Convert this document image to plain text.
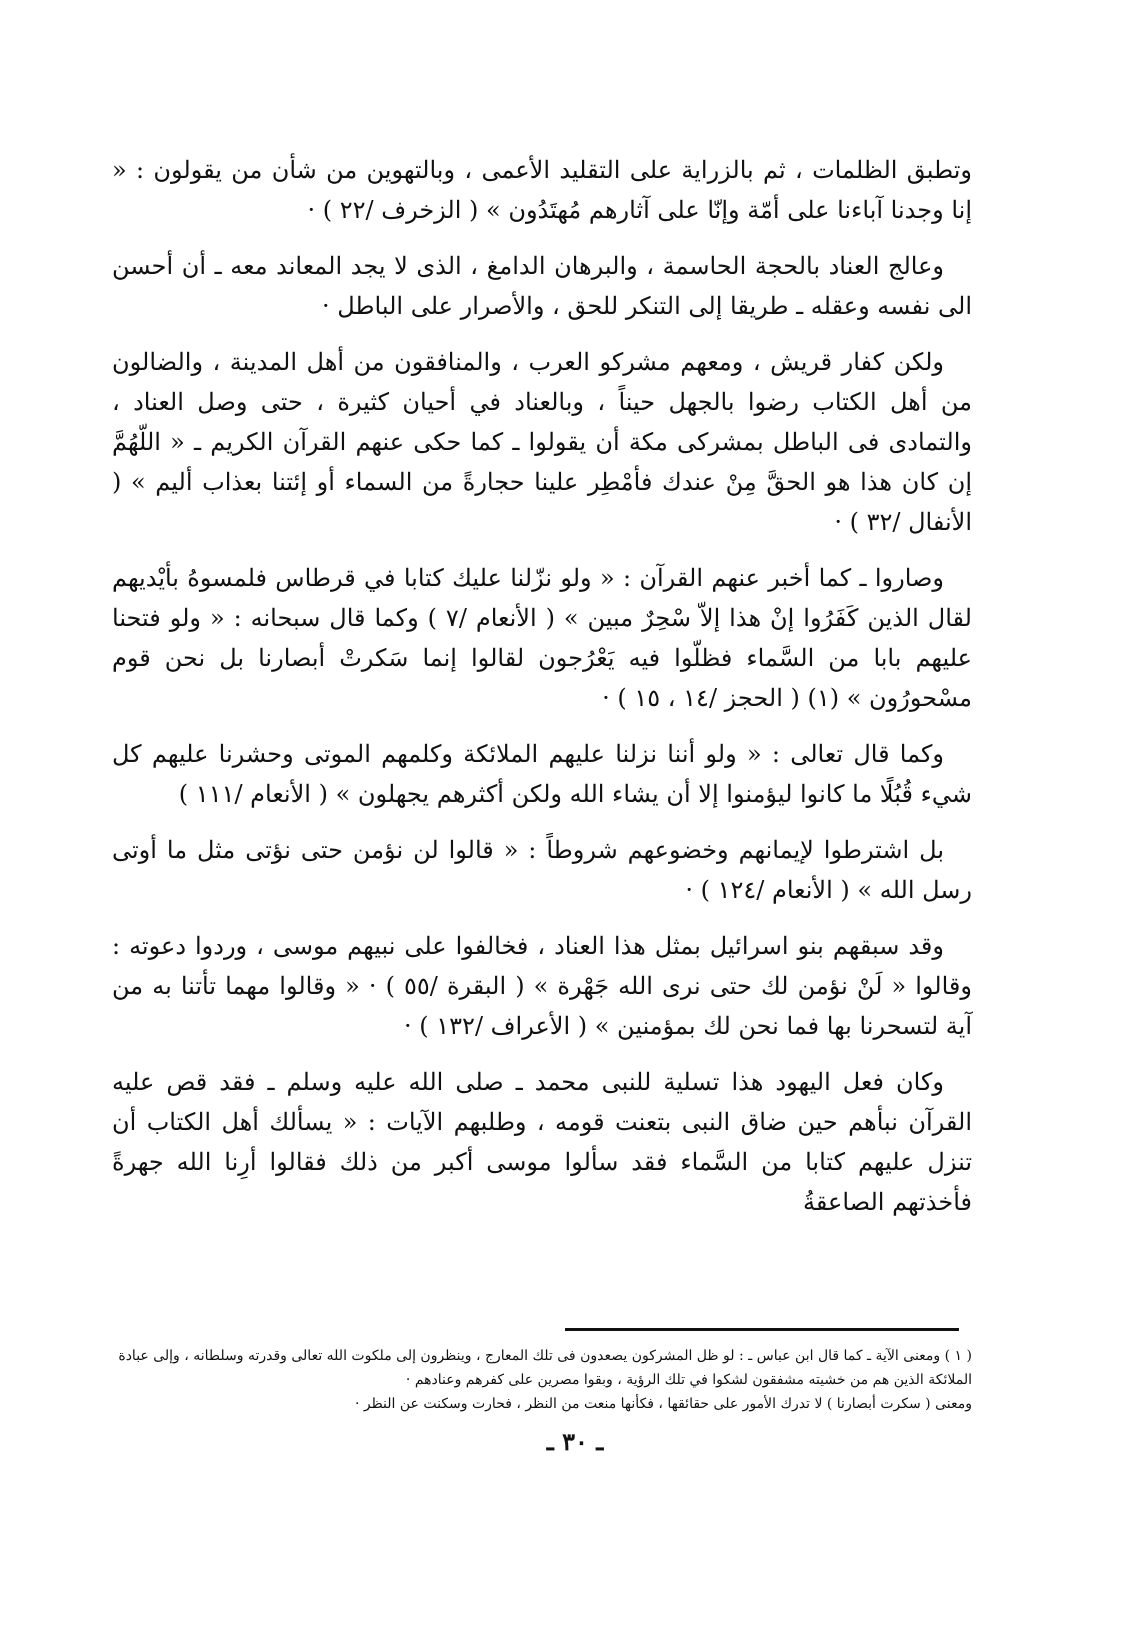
وتطبق الظلمات ، ثم بالزراية على التقليد الأعمى ، وبالتهوين من شأن من يقولون : « إنا وجدنا آباءنا على أمّة وإنّا على آثارهم مُهتَدُون » ( الزخرف /٢٢ ) ·

وعالج العناد بالحجة الحاسمة ، والبرهان الدامغ ، الذى لا يجد المعاند معه ـ أن أحسن الى نفسه وعقله ـ طريقا إلى التنكر للحق ، والأصرار على الباطل ·

ولكن كفار قريش ، ومعهم مشركو العرب ، والمنافقون من أهل المدينة ، والضالون من أهل الكتاب رضوا بالجهل حيناً ، وبالعناد في أحيان كثيرة ، حتى وصل العناد ، والتمادى فى الباطل بمشركى مكة أن يقولوا ـ كما حكى عنهم القرآن الكريم ـ « اللّهُمَّ إن كان هذا هو الحقَّ مِنْ عندك فأمْطِر علينا حجارةً من السماء أو إئتنا بعذاب أليم » ( الأنفال /٣٢ ) ·

وصاروا ـ كما أخبر عنهم القرآن : « ولو نزّلنا عليك كتابا في قرطاس فلمسوهُ بأيْديهم لقال الذين كَفَرُوا إنْ هذا إلاّ سْحِرٌ مبين » ( الأنعام /٧ ) وكما قال سبحانه : « ولو فتحنا عليهم بابا من السَّماء فظلّوا فيه يَعْرُجون لقالوا إنما سَكرتْ أبصارنا بل نحن قوم مسْحورُون » (١) ( الحجز /١٤ ، ١٥ ) ·

وكما قال تعالى : « ولو أننا نزلنا عليهم الملائكة وكلمهم الموتى وحشرنا عليهم كل شيء قُبُلًا ما كانوا ليؤمنوا إلا أن يشاء الله ولكن أكثرهم يجهلون » ( الأنعام /١١١ )

بل اشترطوا لإيمانهم وخضوعهم شروطاً : « قالوا لن نؤمن حتى نؤتى مثل ما أوتى رسل الله » ( الأنعام /١٢٤ ) ·

وقد سبقهم بنو اسرائيل بمثل هذا العناد ، فخالفوا على نبيهم موسى ، وردوا دعوته : وقالوا « لَنْ نؤمن لك حتى نرى الله جَهْرة » ( البقرة /٥٥ ) · « وقالوا مهما تأتنا به من آية لتسحرنا بها فما نحن لك بمؤمنين » ( الأعراف /١٣٢ ) ·

وكان فعل اليهود هذا تسلية للنبى محمد ـ صلى الله عليه وسلم ـ فقد قص عليه القرآن نبأهم حين ضاق النبى بتعنت قومه ، وطلبهم الآيات : « يسألك أهل الكتاب أن تنزل عليهم كتابا من السَّماء فقد سألوا موسى أكبر من ذلك فقالوا أرِنا الله جهرةً فأخذتهم الصاعقةُ

( ١ ) ومعنى الآية ـ كما قال ابن عباس ـ : لو ظل المشركون يصعدون فى تلك المعارج ، وينظرون إلى ملكوت الله تعالى وقدرته وسلطانه ، وإلى عبادة الملائكة الذين هم من خشيته مشفقون لشكوا في تلك الرؤية ، وبقوا مصرين على كفرهم وعنادهم ·

ومعنى ( سكرت أبصارنا ) لا تدرك الأمور على حقائقها ، فكأنها منعت من النظر ، فحارت وسكنت عن النظر ·

ـ ٣٠ ـ
